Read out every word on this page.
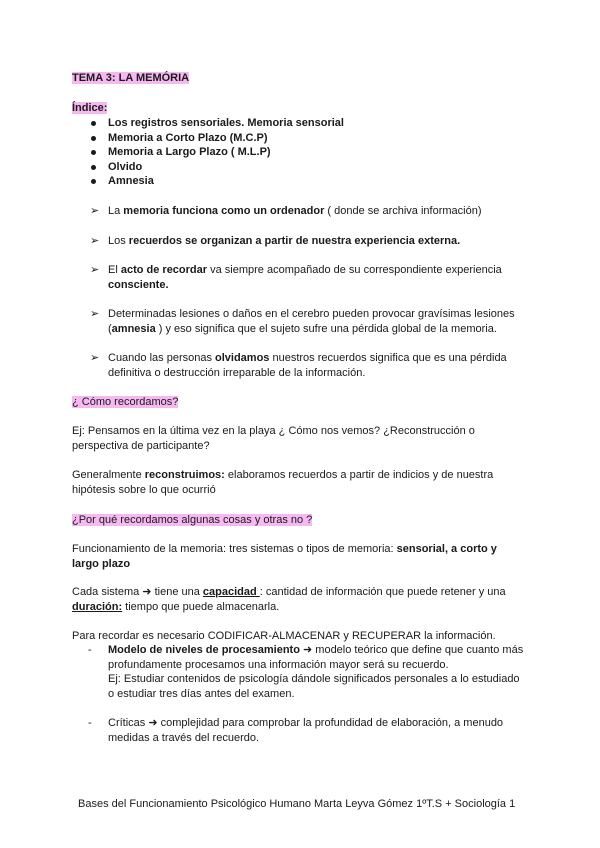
TEMA 3: LA MEMÓRIA
Índice:
Los registros sensoriales. Memoria sensorial
Memoria a Corto Plazo (M.C.P)
Memoria a Largo Plazo ( M.L.P)
Olvido
Amnesia
➢ La memoria funciona como un ordenador ( donde se archiva información)
➢ Los recuerdos se organizan a partir de nuestra experiencia externa.
➢ El acto de recordar va siempre acompañado de su correspondiente experiencia consciente.
➢ Determinadas lesiones o daños en el cerebro pueden provocar gravísimas lesiones (amnesia ) y eso significa que el sujeto sufre una pérdida global de la memoria.
➢ Cuando las personas olvidamos nuestros recuerdos significa que es una pérdida definitiva o destrucción irreparable de la información.
¿ Cómo recordamos?
Ej: Pensamos en la última vez en la playa ¿ Cómo nos vemos? ¿Reconstrucción o perspectiva de participante?
Generalmente reconstruimos: elaboramos recuerdos a partir de indicios y de nuestra hipótesis sobre lo que ocurrió
¿Por qué recordamos algunas cosas y otras no ?
Funcionamiento de la memoria: tres sistemas o tipos de memoria: sensorial, a corto y largo plazo
Cada sistema ➜ tiene una capacidad : cantidad de información que puede retener y una duración: tiempo que puede almacenarla.
Para recordar es necesario CODIFICAR-ALMACENAR y RECUPERAR la información.
-	Modelo de niveles de procesamiento ➜ modelo teórico que define que cuanto más profundamente procesamos una información mayor será su recuerdo.
Ej: Estudiar contenidos de psicología dándole significados personales a lo estudiado o estudiar tres días antes del examen.
-	Críticas ➜ complejidad para comprobar la profundidad de elaboración, a menudo medidas a través del recuerdo.
Bases del Funcionamiento Psicológico Humano Marta Leyva Gómez 1ºT.S + Sociología 1
